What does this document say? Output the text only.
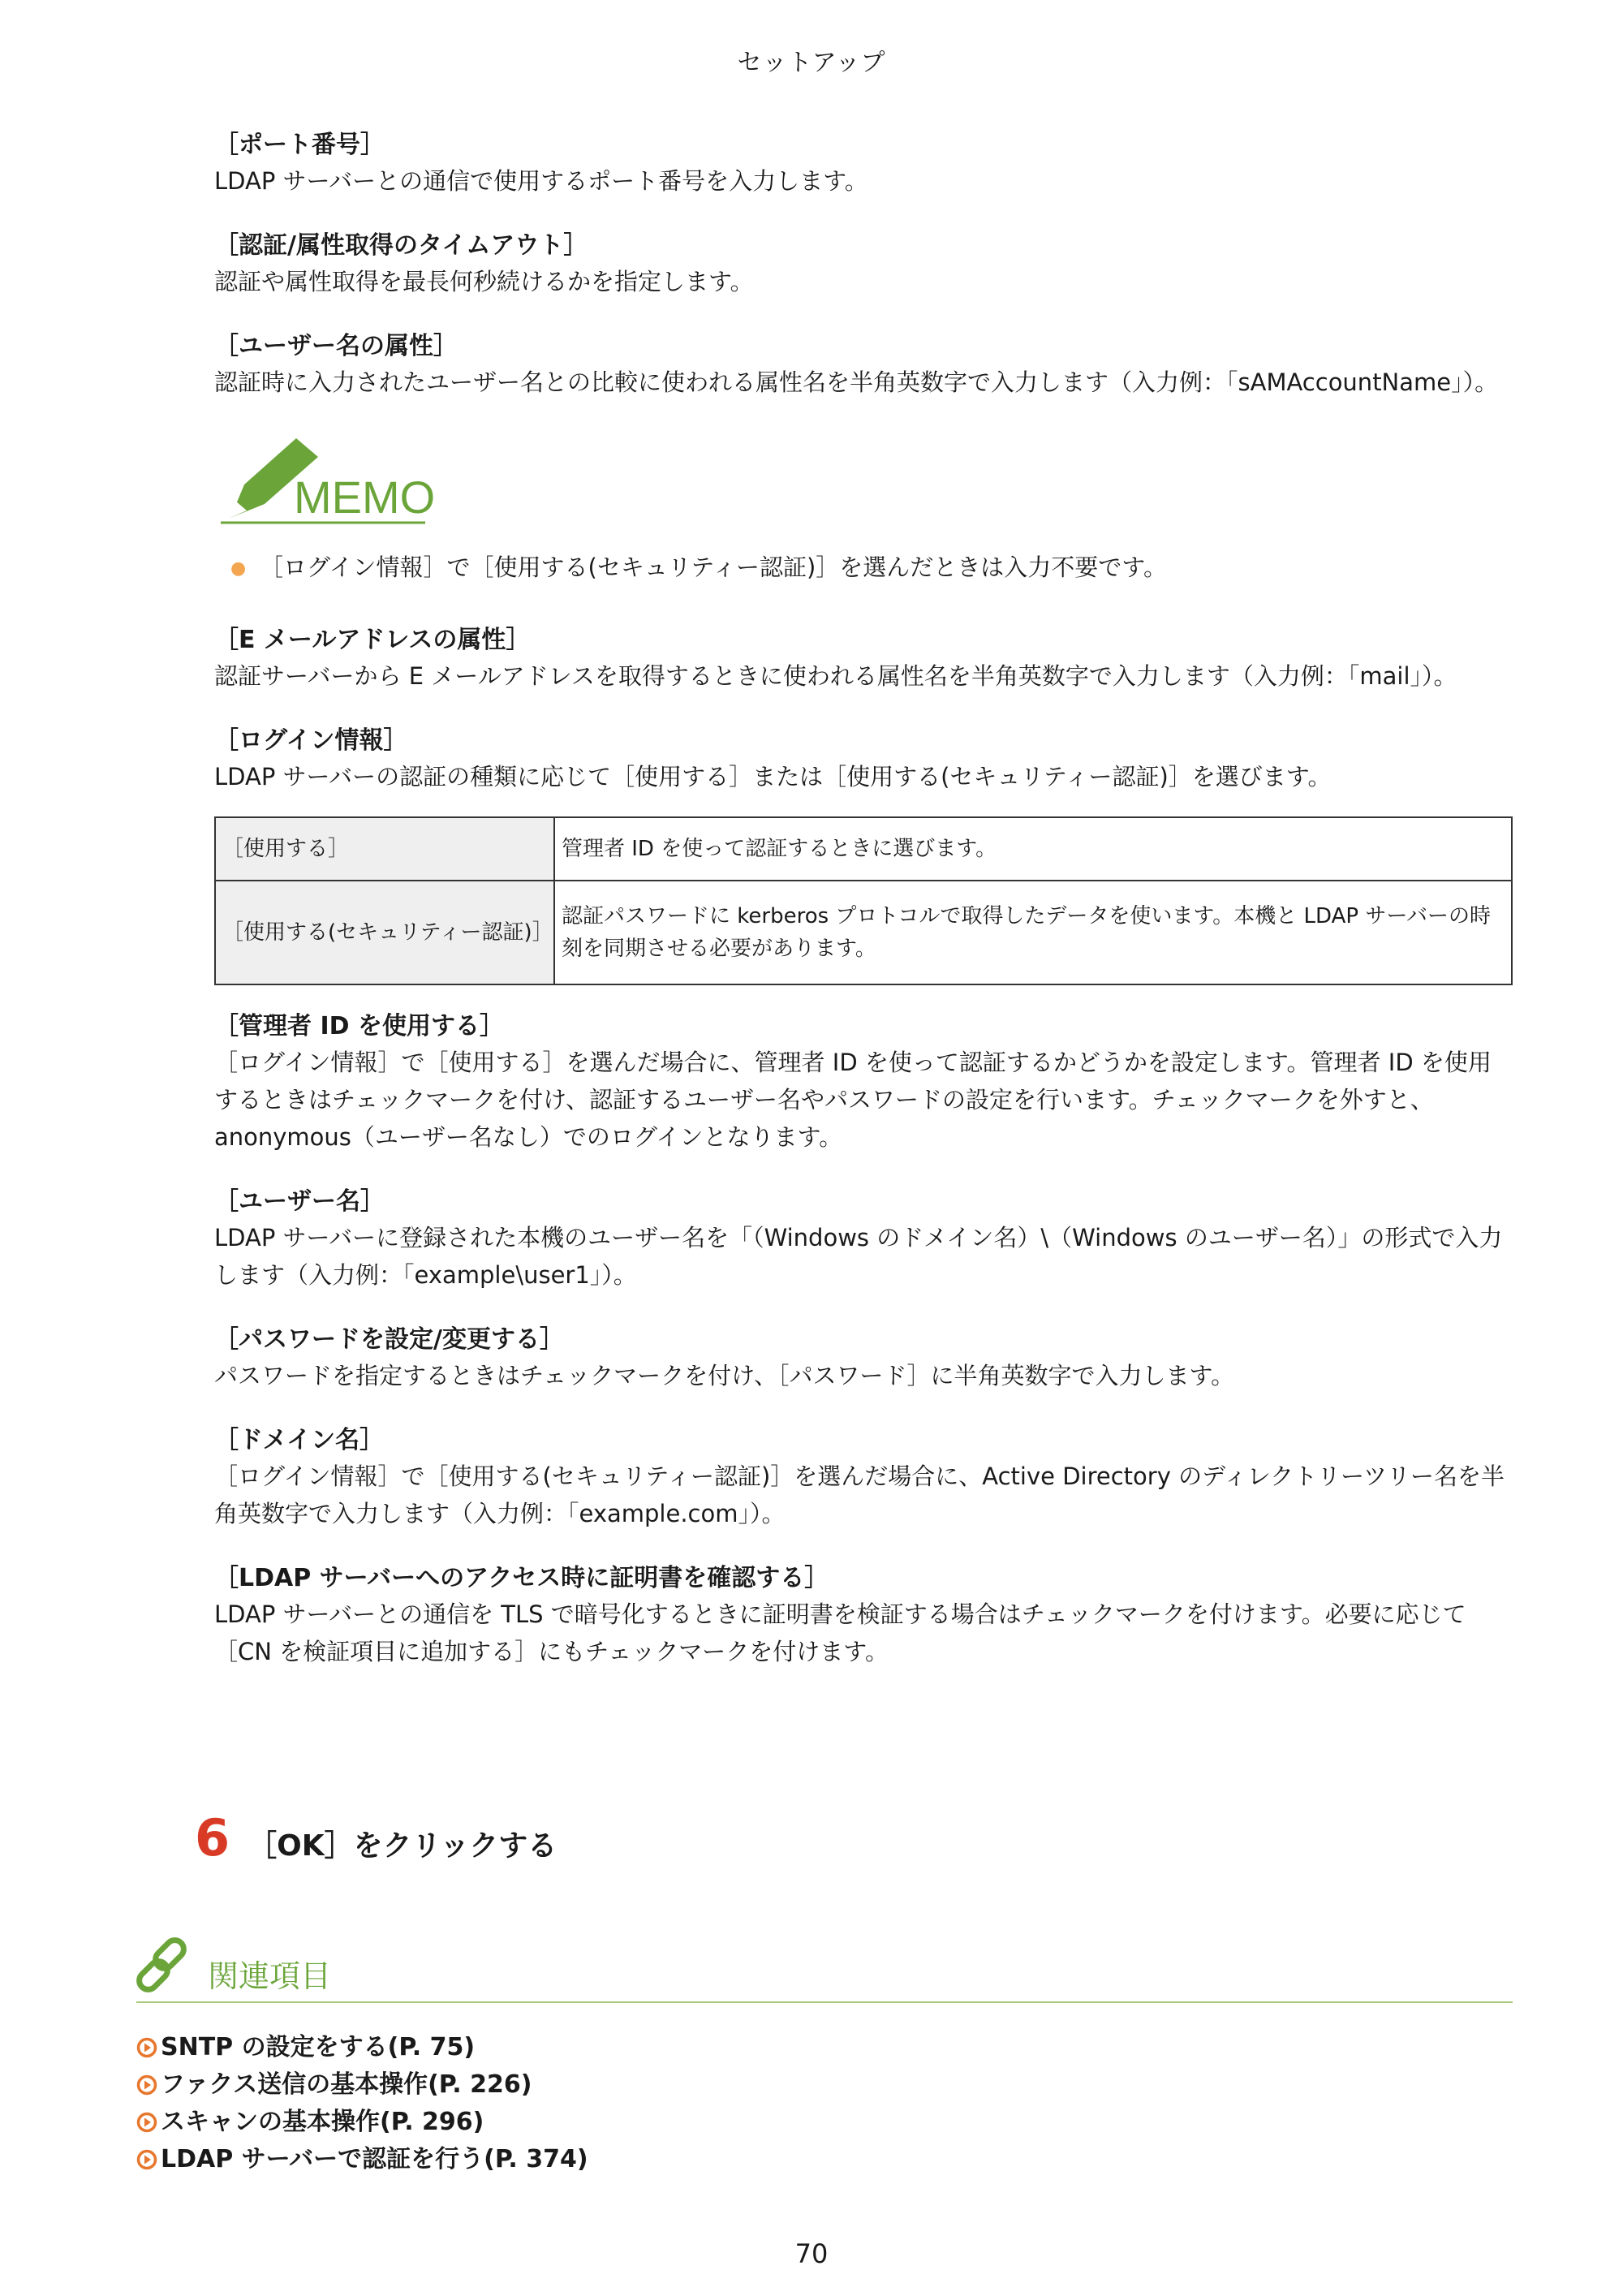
セットアップ
［ポート番号］
LDAP サーバーとの通信で使用するポート番号を入力します。
［認証/属性取得のタイムアウト］
認証や属性取得を最長何秒続けるかを指定します。
［ユーザー名の属性］
認証時に入力されたユーザー名との比較に使われる属性名を半角英数字で入力します（入力例：「sAMAccountName」）。
MEMO
● ［ログイン情報］で［使用する(セキュリティー認証)］を選んだときは入力不要です。
［E メールアドレスの属性］
認証サーバーから E メールアドレスを取得するときに使われる属性名を半角英数字で入力します（入力例：「mail」）。
［ログイン情報］
LDAP サーバーの認証の種類に応じて［使用する］または［使用する(セキュリティー認証)］を選びます。
［使用する］	管理者 ID を使って認証するときに選びます。
［使用する(セキュリティー認証)］	認証パスワードに kerberos プロトコルで取得したデータを使います。本機と LDAP サーバーの時刻を同期させる必要があります。
［管理者 ID を使用する］
［ログイン情報］で［使用する］を選んだ場合に、管理者 ID を使って認証するかどうかを設定します。管理者 ID を使用するときはチェックマークを付け、認証するユーザー名やパスワードの設定を行います。チェックマークを外すと、anonymous（ユーザー名なし）でのログインとなります。
［ユーザー名］
LDAP サーバーに登録された本機のユーザー名を「（Windows のドメイン名）\（Windows のユーザー名）」の形式で入力します（入力例：「example\user1」）。
［パスワードを設定/変更する］
パスワードを指定するときはチェックマークを付け、［パスワード］に半角英数字で入力します。
［ドメイン名］
［ログイン情報］で［使用する(セキュリティー認証)］を選んだ場合に、Active Directory のディレクトリーツリー名を半角英数字で入力します（入力例：「example.com」）。
［LDAP サーバーへのアクセス時に証明書を確認する］
LDAP サーバーとの通信を TLS で暗号化するときに証明書を検証する場合はチェックマークを付けます。必要に応じて［CN を検証項目に追加する］にもチェックマークを付けます。
6 ［OK］をクリックする
関連項目
SNTP の設定をする(P. 75)
ファクス送信の基本操作(P. 226)
スキャンの基本操作(P. 296)
LDAP サーバーで認証を行う(P. 374)
70
